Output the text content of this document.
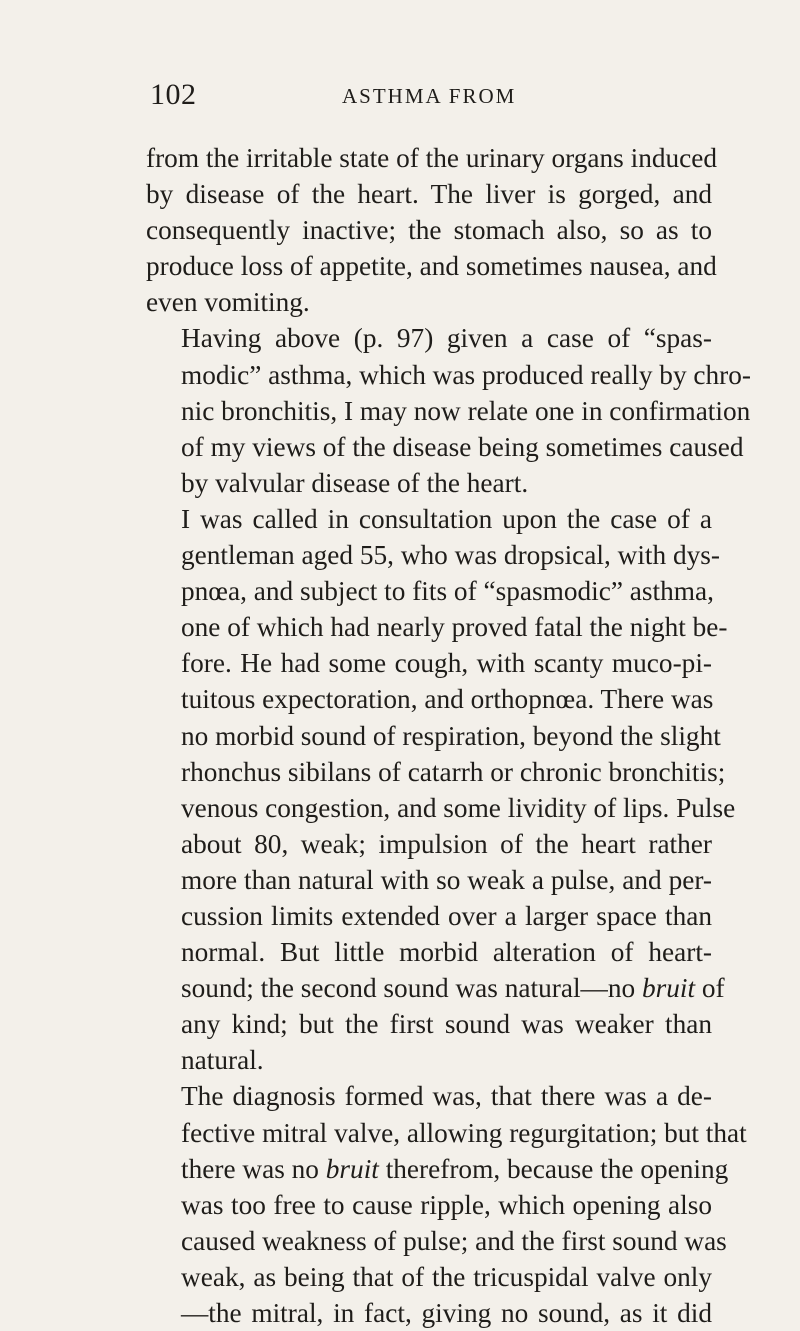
102	ASTHMA FROM

from the irritable state of the urinary organs induced
by disease of the heart. The liver is gorged, and
consequently inactive; the stomach also, so as to
produce loss of appetite, and sometimes nausea, and
even vomiting.

Having above (p. 97) given a case of “spas-
modic” asthma, which was produced really by chro-
nic bronchitis, I may now relate one in confirmation
of my views of the disease being sometimes caused
by valvular disease of the heart.

I was called in consultation upon the case of a
gentleman aged 55, who was dropsical, with dys-
pnœa, and subject to fits of “spasmodic” asthma,
one of which had nearly proved fatal the night be-
fore. He had some cough, with scanty muco-pi-
tuitous expectoration, and orthopnœa. There was
no morbid sound of respiration, beyond the slight
rhonchus sibilans of catarrh or chronic bronchitis;
venous congestion, and some lividity of lips. Pulse
about 80, weak; impulsion of the heart rather
more than natural with so weak a pulse, and per-
cussion limits extended over a larger space than
normal. But little morbid alteration of heart-
sound; the second sound was natural—no bruit of
any kind; but the first sound was weaker than
natural.

The diagnosis formed was, that there was a de-
fective mitral valve, allowing regurgitation; but that
there was no bruit therefrom, because the opening
was too free to cause ripple, which opening also
caused weakness of pulse; and the first sound was
weak, as being that of the tricuspidal valve only
—the mitral, in fact, giving no sound, as it did
